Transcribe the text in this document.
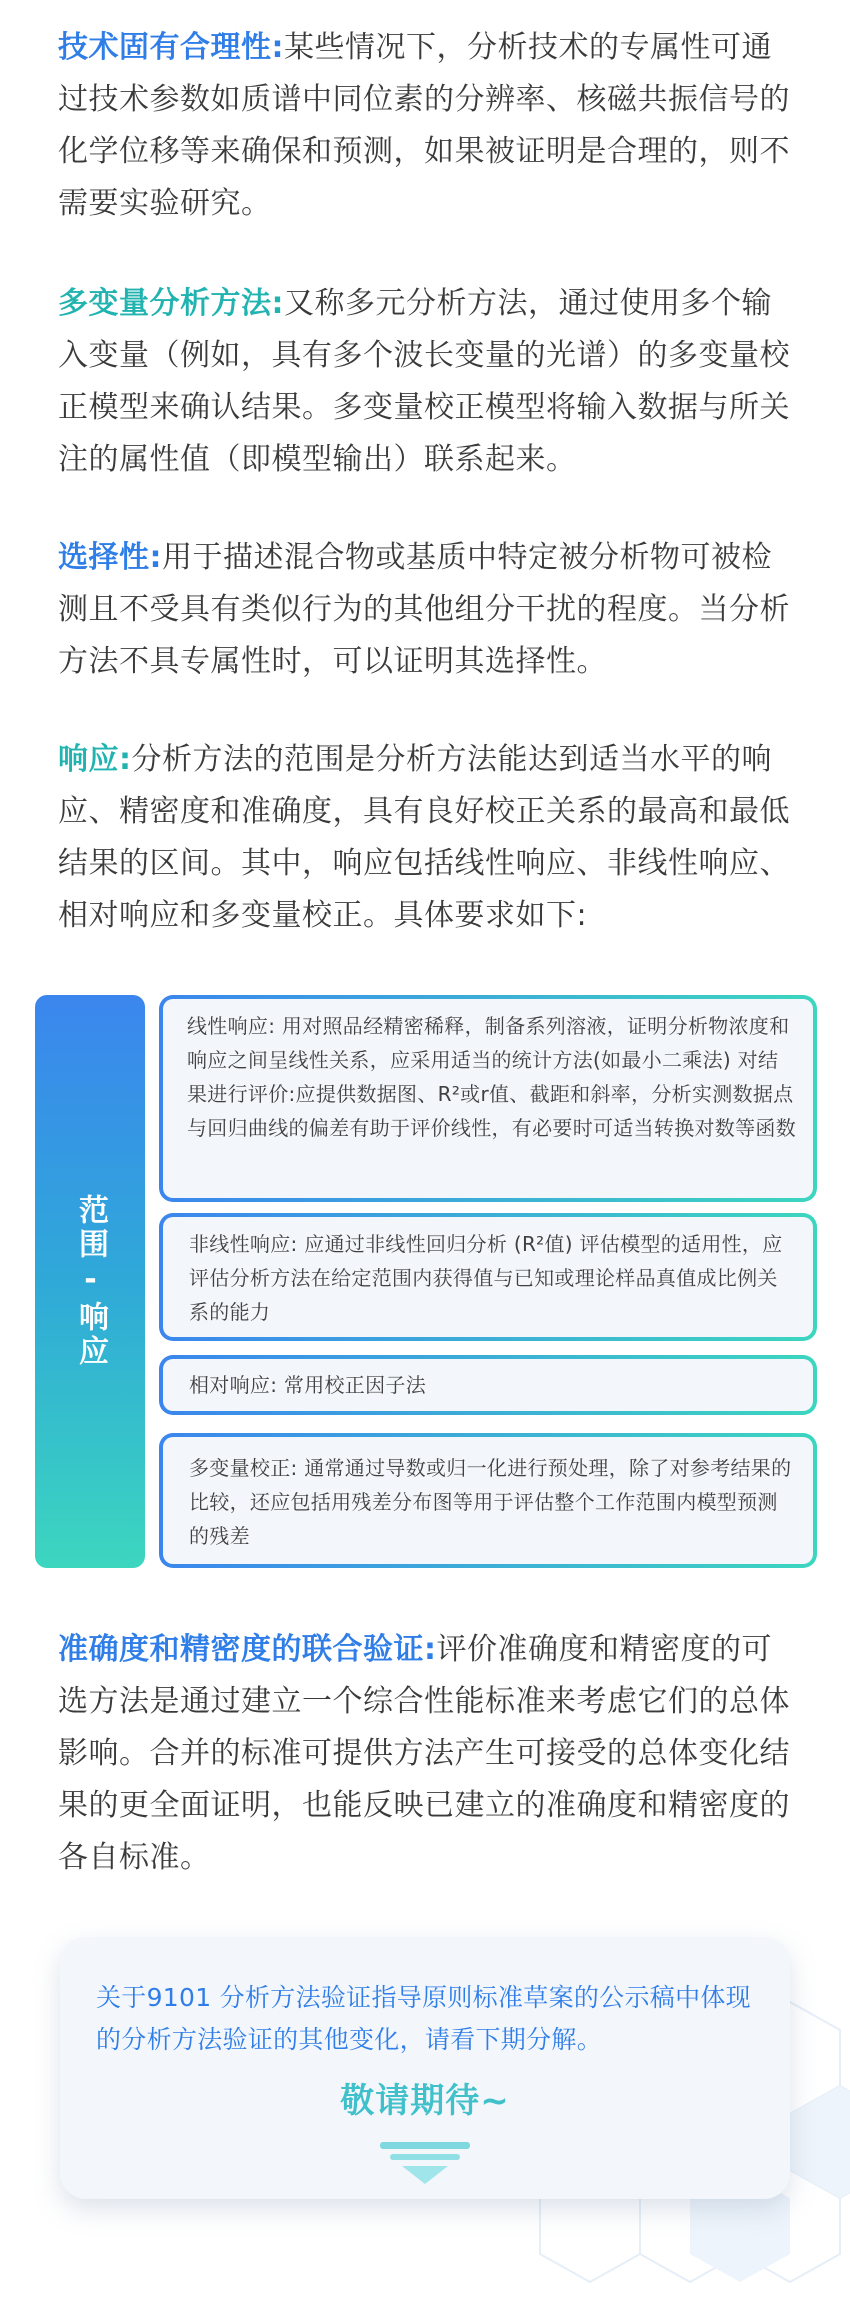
技术固有合理性:某些情况下，分析技术的专属性可通过技术参数如质谱中同位素的分辨率、核磁共振信号的化学位移等来确保和预测，如果被证明是合理的，则不需要实验研究。
多变量分析方法:又称多元分析方法，通过使用多个输入变量（例如，具有多个波长变量的光谱）的多变量校正模型来确认结果。多变量校正模型将输入数据与所关注的属性值（即模型输出）联系起来。
选择性:用于描述混合物或基质中特定被分析物可被检测且不受具有类似行为的其他组分干扰的程度。当分析方法不具专属性时，可以证明其选择性。
响应:分析方法的范围是分析方法能达到适当水平的响应、精密度和准确度，具有良好校正关系的最高和最低结果的区间。其中，响应包括线性响应、非线性响应、相对响应和多变量校正。具体要求如下:
范围-响应
线性响应: 用对照品经精密稀释，制备系列溶液，证明分析物浓度和响应之间呈线性关系，应采用适当的统计方法(如最小二乘法) 对结果进行评价:应提供数据图、R²或r值、截距和斜率，分析实测数据点与回归曲线的偏差有助于评价线性，有必要时可适当转换对数等函数
非线性响应: 应通过非线性回归分析 (R²值) 评估模型的适用性，应评估分析方法在给定范围内获得值与已知或理论样品真值成比例关系的能力
相对响应: 常用校正因子法
多变量校正: 通常通过导数或归一化进行预处理，除了对参考结果的比较，还应包括用残差分布图等用于评估整个工作范围内模型预测的残差
准确度和精密度的联合验证:评价准确度和精密度的可选方法是通过建立一个综合性能标准来考虑它们的总体影响。合并的标准可提供方法产生可接受的总体变化结果的更全面证明，也能反映已建立的准确度和精密度的各自标准。
关于9101 分析方法验证指导原则标准草案的公示稿中体现的分析方法验证的其他变化，请看下期分解。
敬请期待~
